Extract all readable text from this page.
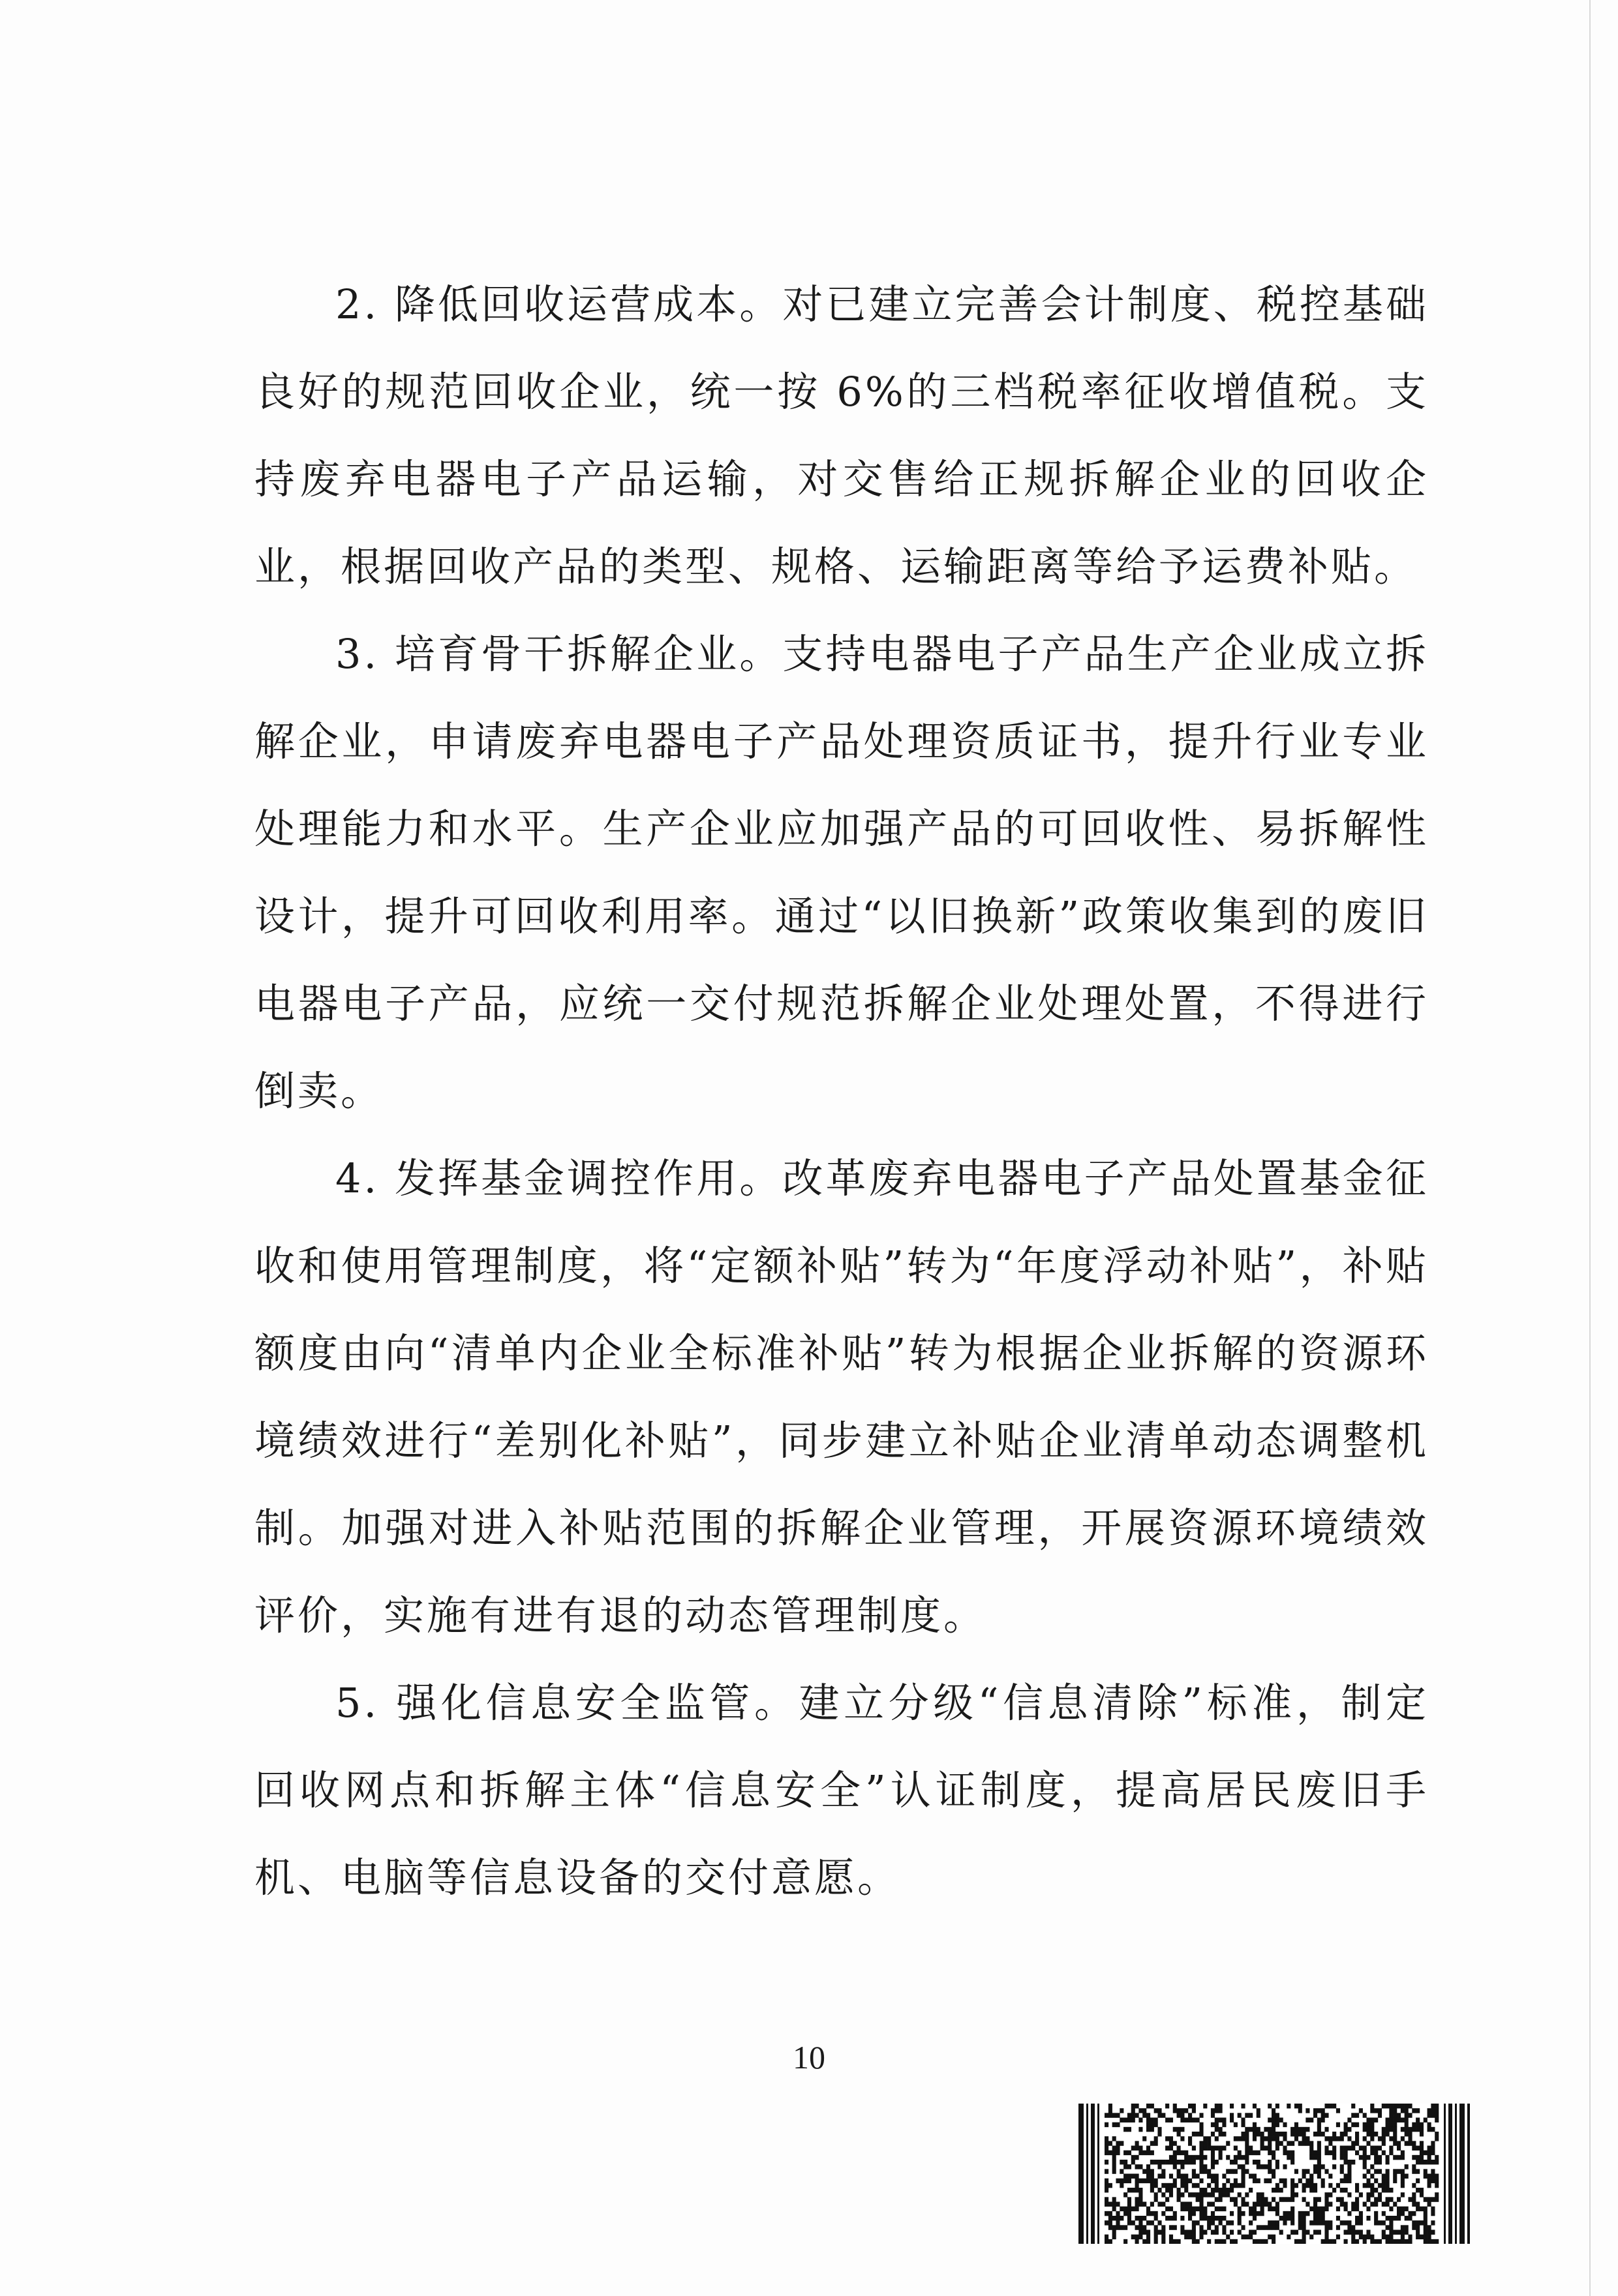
2. 降低回收运营成本。对已建立完善会计制度、税控基础良好的规范回收企业，统一按 6%的三档税率征收增值税。支持废弃电器电子产品运输，对交售给正规拆解企业的回收企业，根据回收产品的类型、规格、运输距离等给予运费补贴。

3. 培育骨干拆解企业。支持电器电子产品生产企业成立拆解企业，申请废弃电器电子产品处理资质证书，提升行业专业处理能力和水平。生产企业应加强产品的可回收性、易拆解性设计，提升可回收利用率。通过“以旧换新”政策收集到的废旧电器电子产品，应统一交付规范拆解企业处理处置，不得进行倒卖。

4. 发挥基金调控作用。改革废弃电器电子产品处置基金征收和使用管理制度，将“定额补贴”转为“年度浮动补贴”，补贴额度由向“清单内企业全标准补贴”转为根据企业拆解的资源环境绩效进行“差别化补贴”，同步建立补贴企业清单动态调整机制。加强对进入补贴范围的拆解企业管理，开展资源环境绩效评价，实施有进有退的动态管理制度。

5. 强化信息安全监管。建立分级“信息清除”标准，制定回收网点和拆解主体“信息安全”认证制度，提高居民废旧手机、电脑等信息设备的交付意愿。

10
